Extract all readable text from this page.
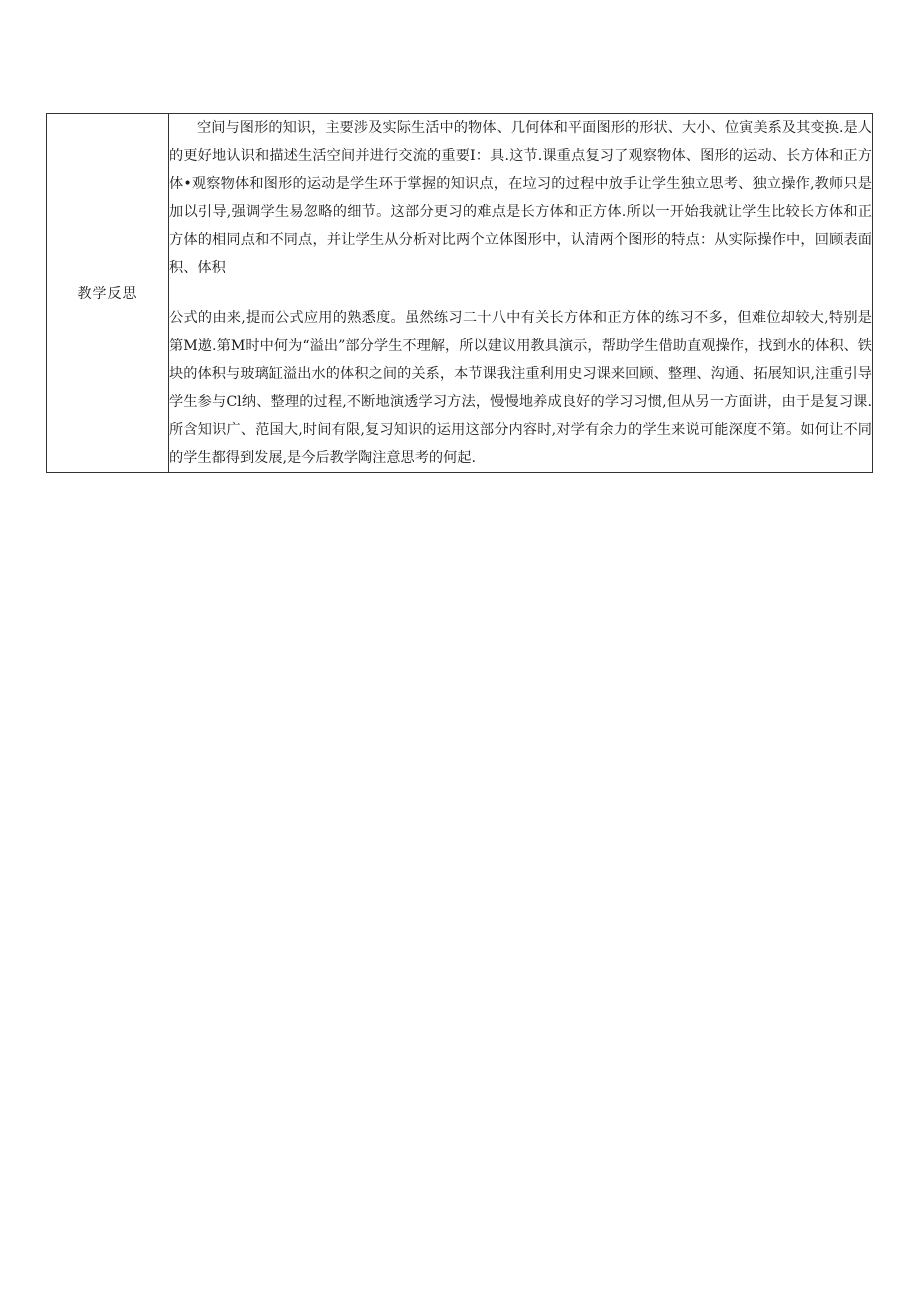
教学反思	

空间与图形的知识，主要涉及实际生活中的物体、几何体和平面图形的形状、大小、位寅美系及其变换.是人的更好地认识和描述生活空间并进行交流的重要I：具.这节.课重点复习了观察物体、图形的运动、长方体和正方体•观察物体和图形的运动是学生环于掌握的知识点，在垃习的过程中放手让学生独立思考、独立操作,教师只是加以引导,强调学生易忽略的细节。这部分更习的难点是长方体和正方体.所以一开始我就让学生比较长方体和正方体的相同点和不同点，并让学生从分析对比两个立体图形中，认清两个图形的特点：从实际操作中，回顾表面积、体积

公式的由来,提而公式应用的熟悉度。虽然练习二十八中有关长方体和正方体的练习不多，但难位却较大,特别是第M遨.第M时中何为“溢出”部分学生不理解，所以建议用教具演示，帮助学生借助直观操作，找到水的体积、铁块的体积与玻璃缸溢出水的体积之间的关系，本节课我注重利用史习课来回顾、整理、沟通、拓展知识,注重引导学生参与Cl纳、整理的过程,不断地演透学习方法，慢慢地养成良好的学习习惯,但从另一方面讲，由于是复习课.所含知识广、范国大,时间有限,复习知识的运用这部分内容时,对学有余力的学生来说可能深度不第。如何让不同的学生都得到发展,是今后教学陶注意思考的何起.
